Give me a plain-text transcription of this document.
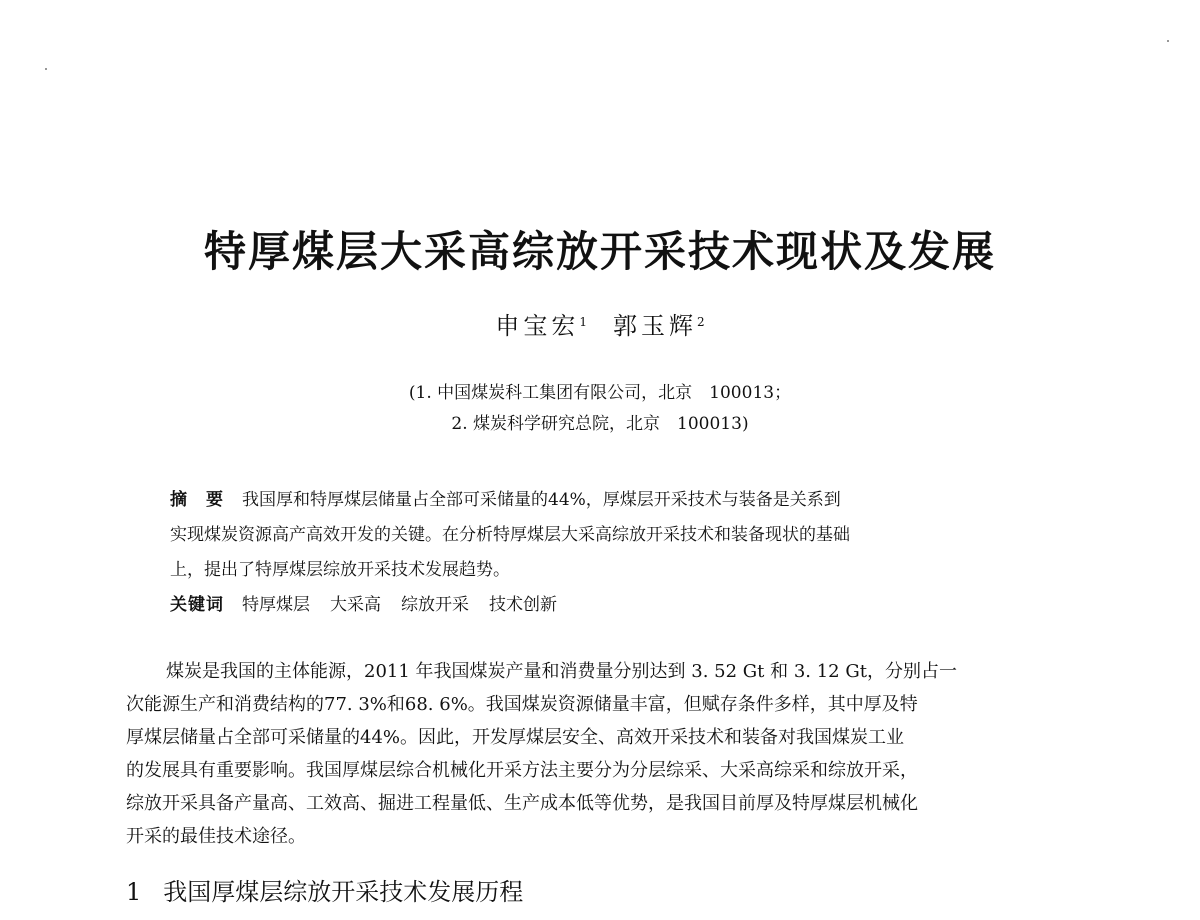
特厚煤层大采高综放开采技术现状及发展
申宝宏$^1$ 郭玉辉$^2$
(1. 中国煤炭科工集团有限公司，北京　100013；
2. 煤炭科学研究总院，北京　100013)
摘　要 我国厚和特厚煤层储量占全部可采储量的44%，厚煤层开采技术与装备是关系到
实现煤炭资源高产高效开发的关键。在分析特厚煤层大采高综放开采技术和装备现状的基础
上，提出了特厚煤层综放开采技术发展趋势。
关键词 特厚煤层 大采高 综放开采 技术创新
煤炭是我国的主体能源，2011 年我国煤炭产量和消费量分别达到 3. 52 Gt 和 3. 12 Gt，分别占一
次能源生产和消费结构的77. 3%和68. 6%。我国煤炭资源储量丰富，但赋存条件多样，其中厚及特
厚煤层储量占全部可采储量的44%。因此，开发厚煤层安全、高效开采技术和装备对我国煤炭工业
的发展具有重要影响。我国厚煤层综合机械化开采方法主要分为分层综采、大采高综采和综放开采，
综放开采具备产量高、工效高、掘进工程量低、生产成本低等优势，是我国目前厚及特厚煤层机械化
开采的最佳技术途径。
1 我国厚煤层综放开采技术发展历程
